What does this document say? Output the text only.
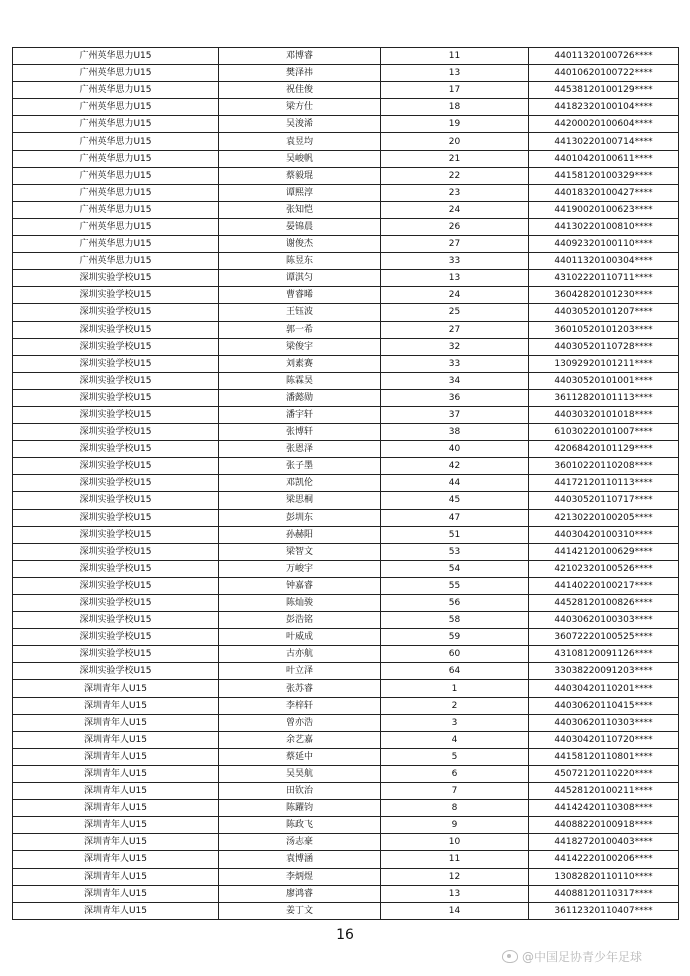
广州英华思力U15	邓博睿	11	44011320100726****
广州英华思力U15	樊泽祎	13	44010620100722****
广州英华思力U15	祝佳俊	17	44538120100129****
广州英华思力U15	梁方仕	18	44182320100104****
广州英华思力U15	吴浚浠	19	44200020100604****
广州英华思力U15	袁昱均	20	44130220100714****
广州英华思力U15	吴峻帆	21	44010420100611****
广州英华思力U15	蔡毅琨	22	44158120100329****
广州英华思力U15	谭熙淳	23	44018320100427****
广州英华思力U15	张知恺	24	44190020100623****
广州英华思力U15	晏锦晨	26	44130220100810****
广州英华思力U15	谢俊杰	27	44092320100110****
广州英华思力U15	陈昱东	33	44011320100304****
深圳实验学校U15	谭淇匀	13	43102220110711****
深圳实验学校U15	曹睿晞	24	36042820101230****
深圳实验学校U15	王钰波	25	44030520101207****
深圳实验学校U15	郭一希	27	36010520101203****
深圳实验学校U15	梁俊宇	32	44030520110728****
深圳实验学校U15	刘素赛	33	13092920101211****
深圳实验学校U15	陈霖昊	34	44030520101001****
深圳实验学校U15	潘懿勋	36	36112820101113****
深圳实验学校U15	潘宇轩	37	44030320101018****
深圳实验学校U15	张博轩	38	61030220101007****
深圳实验学校U15	张恩泽	40	42068420101129****
深圳实验学校U15	张子墨	42	36010220110208****
深圳实验学校U15	邓凯伦	44	44172120110113****
深圳实验学校U15	梁思桐	45	44030520110717****
深圳实验学校U15	彭圳东	47	42130220100205****
深圳实验学校U15	孙赫阳	51	44030420100310****
深圳实验学校U15	梁智文	53	44142120100629****
深圳实验学校U15	万峻宇	54	42102320100526****
深圳实验学校U15	钟嘉睿	55	44140220100217****
深圳实验学校U15	陈灿骏	56	44528120100826****
深圳实验学校U15	彭浩铭	58	44030620100303****
深圳实验学校U15	叶威成	59	36072220100525****
深圳实验学校U15	古亦航	60	43108120091126****
深圳实验学校U15	叶立泽	64	33038220091203****
深圳青年人U15	张苏睿	1	44030420110201****
深圳青年人U15	李梓轩	2	44030620110415****
深圳青年人U15	曾亦浩	3	44030620110303****
深圳青年人U15	余艺嘉	4	44030420110720****
深圳青年人U15	蔡延中	5	44158120110801****
深圳青年人U15	吴昊航	6	45072120110220****
深圳青年人U15	田钦治	7	44528120100211****
深圳青年人U15	陈躍钧	8	44142420110308****
深圳青年人U15	陈政飞	9	44088220100918****
深圳青年人U15	汤志豪	10	44182720100403****
深圳青年人U15	袁博涵	11	44142220100206****
深圳青年人U15	李炳煜	12	13082820110110****
深圳青年人U15	廖鸿睿	13	44088120110317****
深圳青年人U15	姜丁文	14	36112320110407****
16
@中国足协青少年足球
